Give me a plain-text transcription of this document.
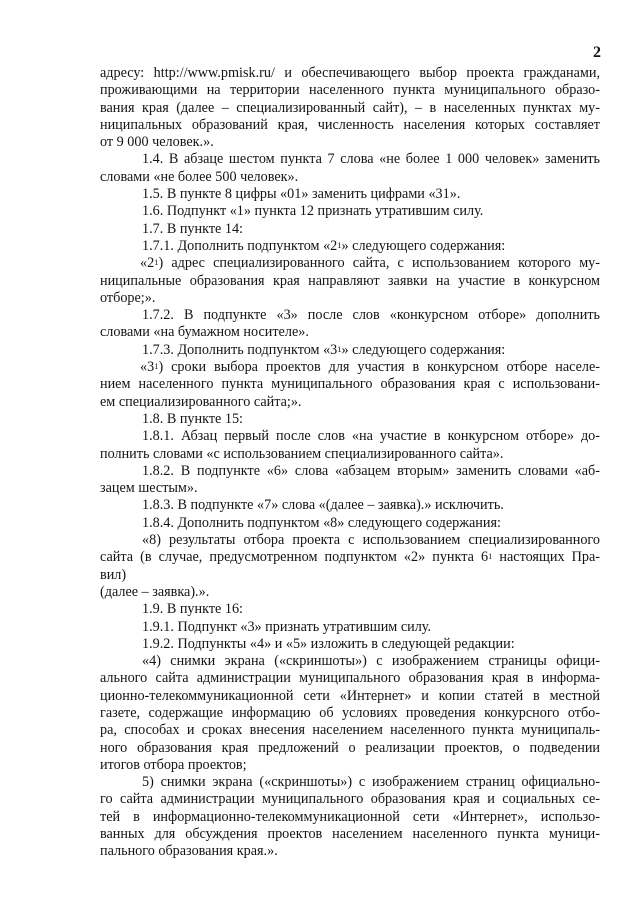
2
адресу: http://www.pmisk.ru/ и обеспечивающего выбор проекта гражданами,
проживающими на территории населенного пункта муниципального образо-
вания края (далее – специализированный сайт), – в населенных пунктах му-
ниципальных образований края, численность населения которых составляет
от 9 000 человек.».
1.4. В абзаце шестом пункта 7 слова «не более 1 000 человек» заменить
словами «не более 500 человек».
1.5. В пункте 8 цифры «01» заменить цифрами «31».
1.6. Подпункт «1» пункта 12 признать утратившим силу.
1.7. В пункте 14:
1.7.1. Дополнить подпунктом «$2^1$» следующего содержания:
«$2^1$) адрес специализированного сайта, с использованием которого му-
ниципальные образования края направляют заявки на участие в конкурсном
отборе;».
1.7.2. В подпункте «3» после слов «конкурсном отборе» дополнить
словами «на бумажном носителе».
1.7.3. Дополнить подпунктом «$3^1$» следующего содержания:
«$3^1$) сроки выбора проектов для участия в конкурсном отборе населе-
нием населенного пункта муниципального образования края с использовани-
ем специализированного сайта;».
1.8. В пункте 15:
1.8.1. Абзац первый после слов «на участие в конкурсном отборе» до-
полнить словами «с использованием специализированного сайта».
1.8.2. В подпункте «6» слова «абзацем вторым» заменить словами «аб-
зацем шестым».
1.8.3. В подпункте «7» слова «(далее – заявка).» исключить.
1.8.4. Дополнить подпунктом «8» следующего содержания:
«8) результаты отбора проекта с использованием специализированного
сайта (в случае, предусмотренном подпунктом «2» пункта $6^1$ настоящих Пра-
вил)
(далее – заявка).».
1.9. В пункте 16:
1.9.1. Подпункт «3» признать утратившим силу.
1.9.2. Подпункты «4» и «5» изложить в следующей редакции:
«4) снимки экрана («скриншоты») с изображением страницы офици-
ального сайта администрации муниципального образования края в информа-
ционно-телекоммуникационной сети «Интернет» и копии статей в местной
газете, содержащие информацию об условиях проведения конкурсного отбо-
ра, способах и сроках внесения населением населенного пункта муниципаль-
ного образования края предложений о реализации проектов, о подведении
итогов отбора проектов;
5) снимки экрана («скриншоты») с изображением страниц официально-
го сайта администрации муниципального образования края и социальных се-
тей в информационно-телекоммуникационной сети «Интернет», использо-
ванных для обсуждения проектов населением населенного пункта муници-
пального образования края.».
